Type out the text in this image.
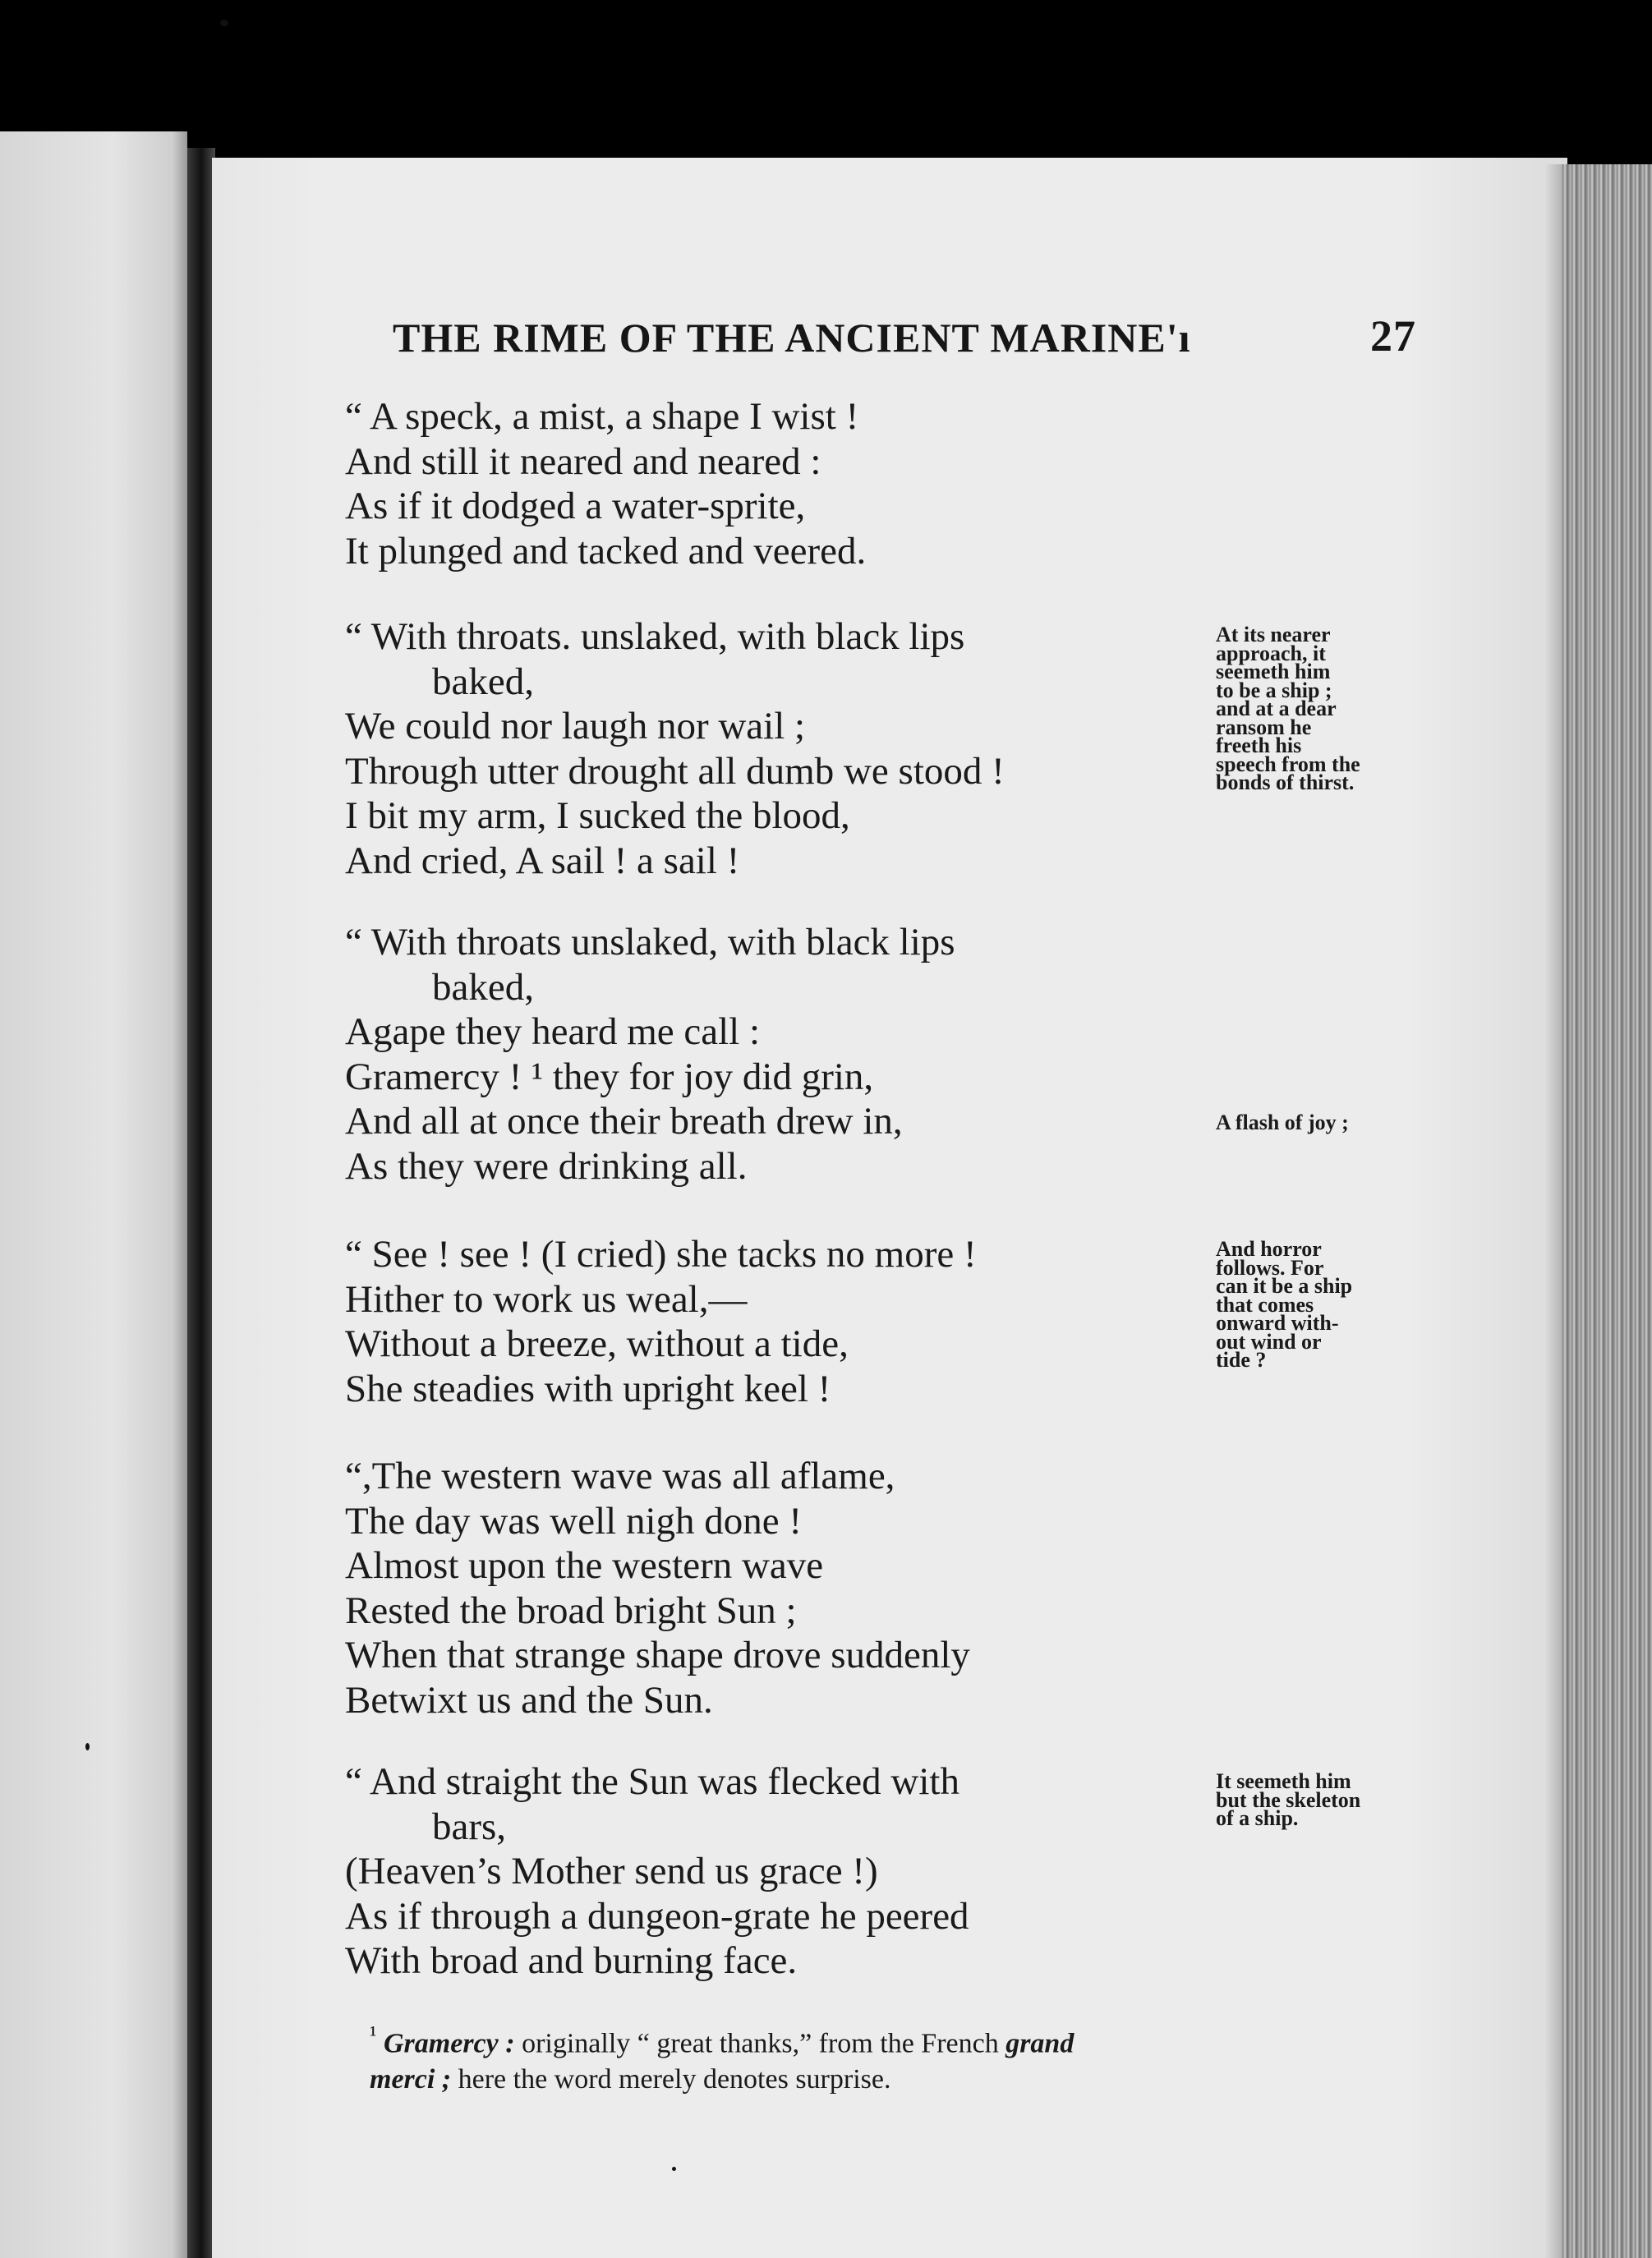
THE RIME OF THE ANCIENT MARINE'ı	27
“ A speck, a mist, a shape I wist !
And still it neared and neared :
As if it dodged a water-sprite,
It plunged and tacked and veered.
“ With throats. unslaked, with black lips
baked,
We could nor laugh nor wail ;
Through utter drought all dumb we stood !
I bit my arm, I sucked the blood,
And cried, A sail ! a sail !
“ With throats unslaked, with black lips
baked,
Agape they heard me call :
Gramercy ! ¹ they for joy did grin,
And all at once their breath drew in,
As they were drinking all.
“ See ! see ! (I cried) she tacks no more !
Hither to work us weal,—
Without a breeze, without a tide,
She steadies with upright keel !
“,The western wave was all aflame,
The day was well nigh done !
Almost upon the western wave
Rested the broad bright Sun ;
When that strange shape drove suddenly
Betwixt us and the Sun.
“ And straight the Sun was flecked with
bars,
(Heaven’s Mother send us grace !)
As if through a dungeon-grate he peered
With broad and burning face.
At its nearer
approach, it
seemeth him
to be a ship ;
and at a dear
ransom he
freeth his
speech from the
bonds of thirst.
A flash of joy ;
And horror
follows. For
can it be a ship
that comes
onward with-
out wind or
tide ?
It seemeth him
but the skeleton
of a ship.
$^{^1}$ Gramercy : originally “ great thanks,” from the French grand
merci ; here the word merely denotes surprise.
